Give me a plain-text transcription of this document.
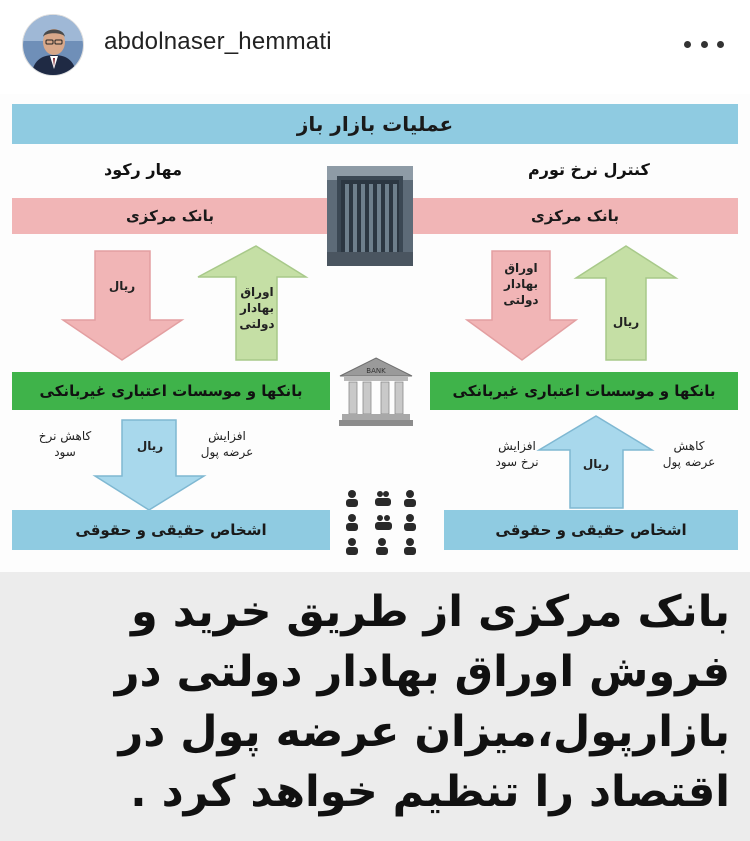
abdolnaser_hemmati
عملیات بازار باز
مهار رکود	کنترل نرخ تورم
بانک مرکزی	بانک مرکزی
ریال	اوراق بهادار دولتی
اوراق بهادار دولتی
ریال
BANK
بانکها و موسسات اعتباری غیربانکی	بانکها و موسسات اعتباری غیربانکی
کاهش نرخ سود	ریال
افزایش عرضه پول	افزایش نرخ سود	ریال
کاهش عرضه پول
اشخاص حقیقی و حقوقی	اشخاص حقیقی و حقوقی
بانک مرکزی از طریق خرید و فروش اوراق بهادار دولتی در بازارپول،میزان عرضه پول در اقتصاد را تنظیم خواهد کرد .
